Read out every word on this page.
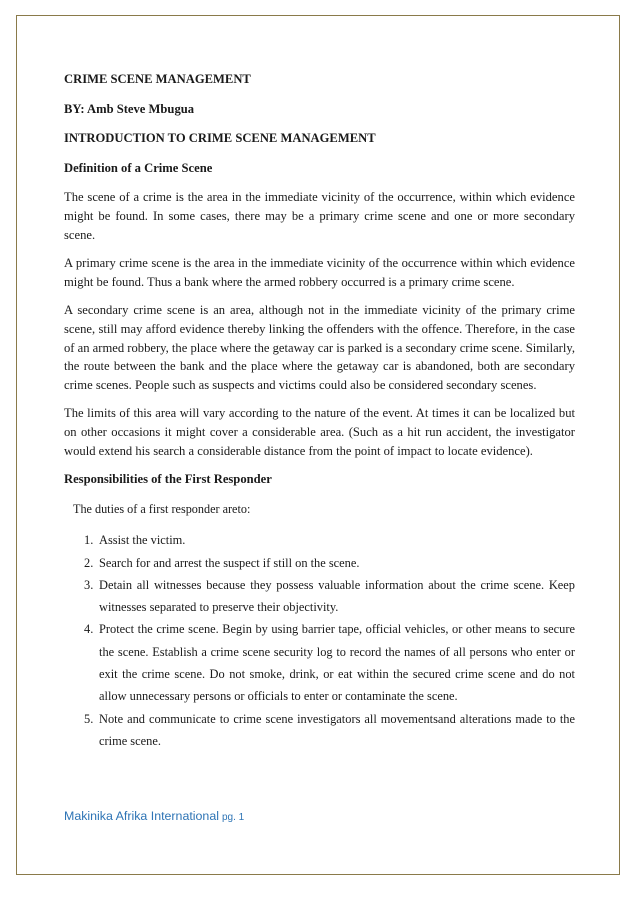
CRIME SCENE MANAGEMENT
BY: Amb Steve Mbugua
INTRODUCTION TO CRIME SCENE MANAGEMENT
Definition of a Crime Scene

The scene of a crime is the area in the immediate vicinity of the occurrence, within which evidence might be found. In some cases, there may be a primary crime scene and one or more secondary scene.

A primary crime scene is the area in the immediate vicinity of the occurrence within which evidence might be found. Thus a bank where the armed robbery occurred is a primary crime scene.

A secondary crime scene is an area, although not in the immediate vicinity of the primary crime scene, still may afford evidence thereby linking the offenders with the offence. Therefore, in the case of an armed robbery, the place where the getaway car is parked is a secondary crime scene. Similarly, the route between the bank and the place where the getaway car is abandoned, both are secondary crime scenes. People such as suspects and victims could also be considered secondary scenes.

The limits of this area will vary according to the nature of the event. At times it can be localized but on other occasions it might cover a considerable area. (Such as a hit run accident, the investigator would extend his search a considerable distance from the point of impact to locate evidence).

Responsibilities of the First Responder
The duties of a first responder areto:
1. Assist the victim.
2. Search for and arrest the suspect if still on the scene.
3. Detain all witnesses because they possess valuable information about the crime scene. Keep witnesses separated to preserve their objectivity.
4. Protect the crime scene. Begin by using barrier tape, official vehicles, or other means to secure the scene. Establish a crime scene security log to record the names of all persons who enter or exit the crime scene. Do not smoke, drink, or eat within the secured crime scene and do not allow unnecessary persons or officials to enter or contaminate the scene.
5. Note and communicate to crime scene investigators all movementsand alterations made to the crime scene.
Makinika Afrika International pg. 1
